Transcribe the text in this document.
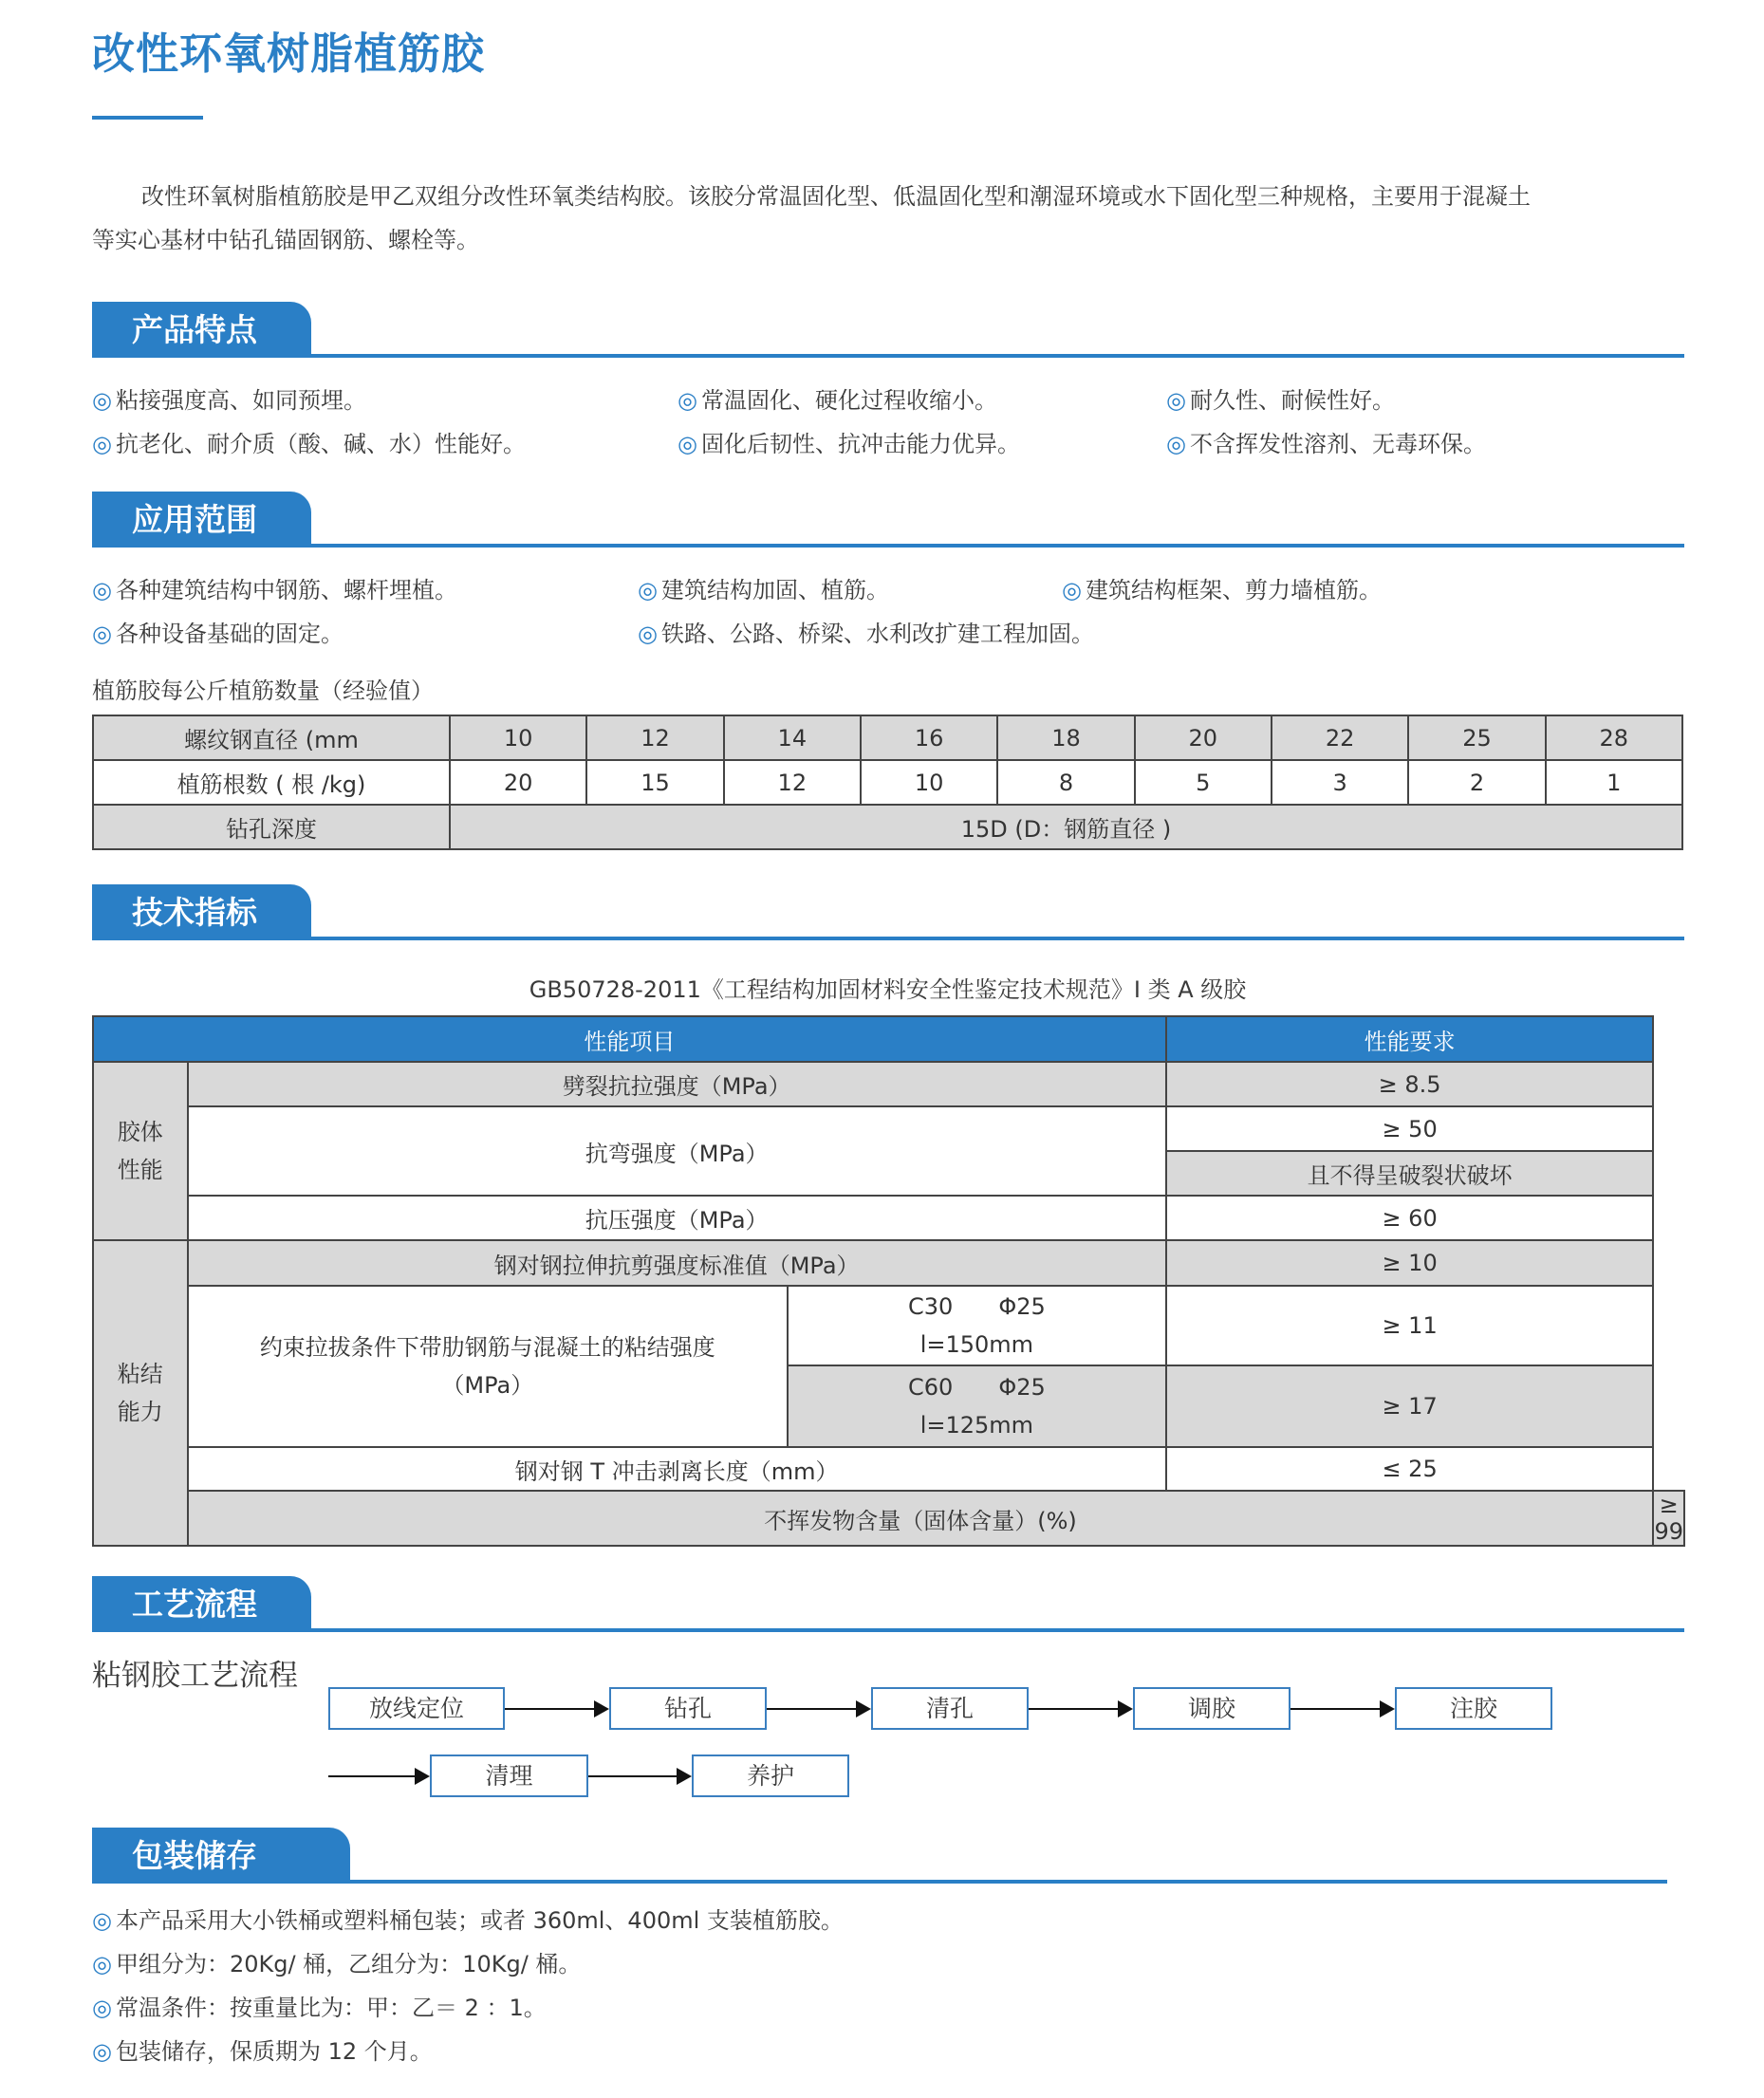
改性环氧树脂植筋胶
改性环氧树脂植筋胶是甲乙双组分改性环氧类结构胶。该胶分常温固化型、低温固化型和潮湿环境或水下固化型三种规格，主要用于混凝土
等实心基材中钻孔锚固钢筋、螺栓等。
产品特点
◎ 粘接强度高、如同预埋。	◎ 常温固化、硬化过程收缩小。	◎ 耐久性、耐候性好。
◎ 抗老化、耐介质（酸、碱、水）性能好。	◎ 固化后韧性、抗冲击能力优异。	◎ 不含挥发性溶剂、无毒环保。
应用范围
◎ 各种建筑结构中钢筋、螺杆埋植。	◎ 建筑结构加固、植筋。	◎ 建筑结构框架、剪力墙植筋。
◎ 各种设备基础的固定。	◎ 铁路、公路、桥梁、水利改扩建工程加固。
植筋胶每公斤植筋数量（经验值）
螺纹钢直径 (mm	10	12	14	16	18	20	22	25	28
植筋根数 ( 根 /kg)	20	15	12	10	8	5	3	2	1
钻孔深度	15D (D：钢筋直径 )								
技术指标
GB50728-2011《工程结构加固材料安全性鉴定技术规范》I 类 A 级胶
性能项目			性能要求	
胶体
性能	劈裂抗拉强度（MPa）		≥ 8.5	
	抗弯强度（MPa）		≥ 50	
			且不得呈破裂状破坏	
	抗压强度（MPa）		≥ 60	
粘结
能力	钢对钢拉伸抗剪强度标准值（MPa）		≥ 10	
	约束拉拔条件下带肋钢筋与混凝土的粘结强度（MPa）	C30　　Φ25
l=150mm	≥ 11	
		C60　　Φ25
l=125mm	≥ 17	
	钢对钢 T 冲击剥离长度（mm）		≤ 25	
	不挥发物含量（固体含量）(%)			≥ 99
工艺流程
粘钢胶工艺流程
放线定位	钻孔	清孔	调胶	注胶
清理	养护
包装储存
◎ 本产品采用大小铁桶或塑料桶包装；或者 360ml、400ml 支装植筋胶。
◎ 甲组分为：20Kg/ 桶，乙组分为：10Kg/ 桶。
◎ 常温条件：按重量比为：甲：乙＝ 2 ：1。
◎ 包装储存，保质期为 12 个月。
